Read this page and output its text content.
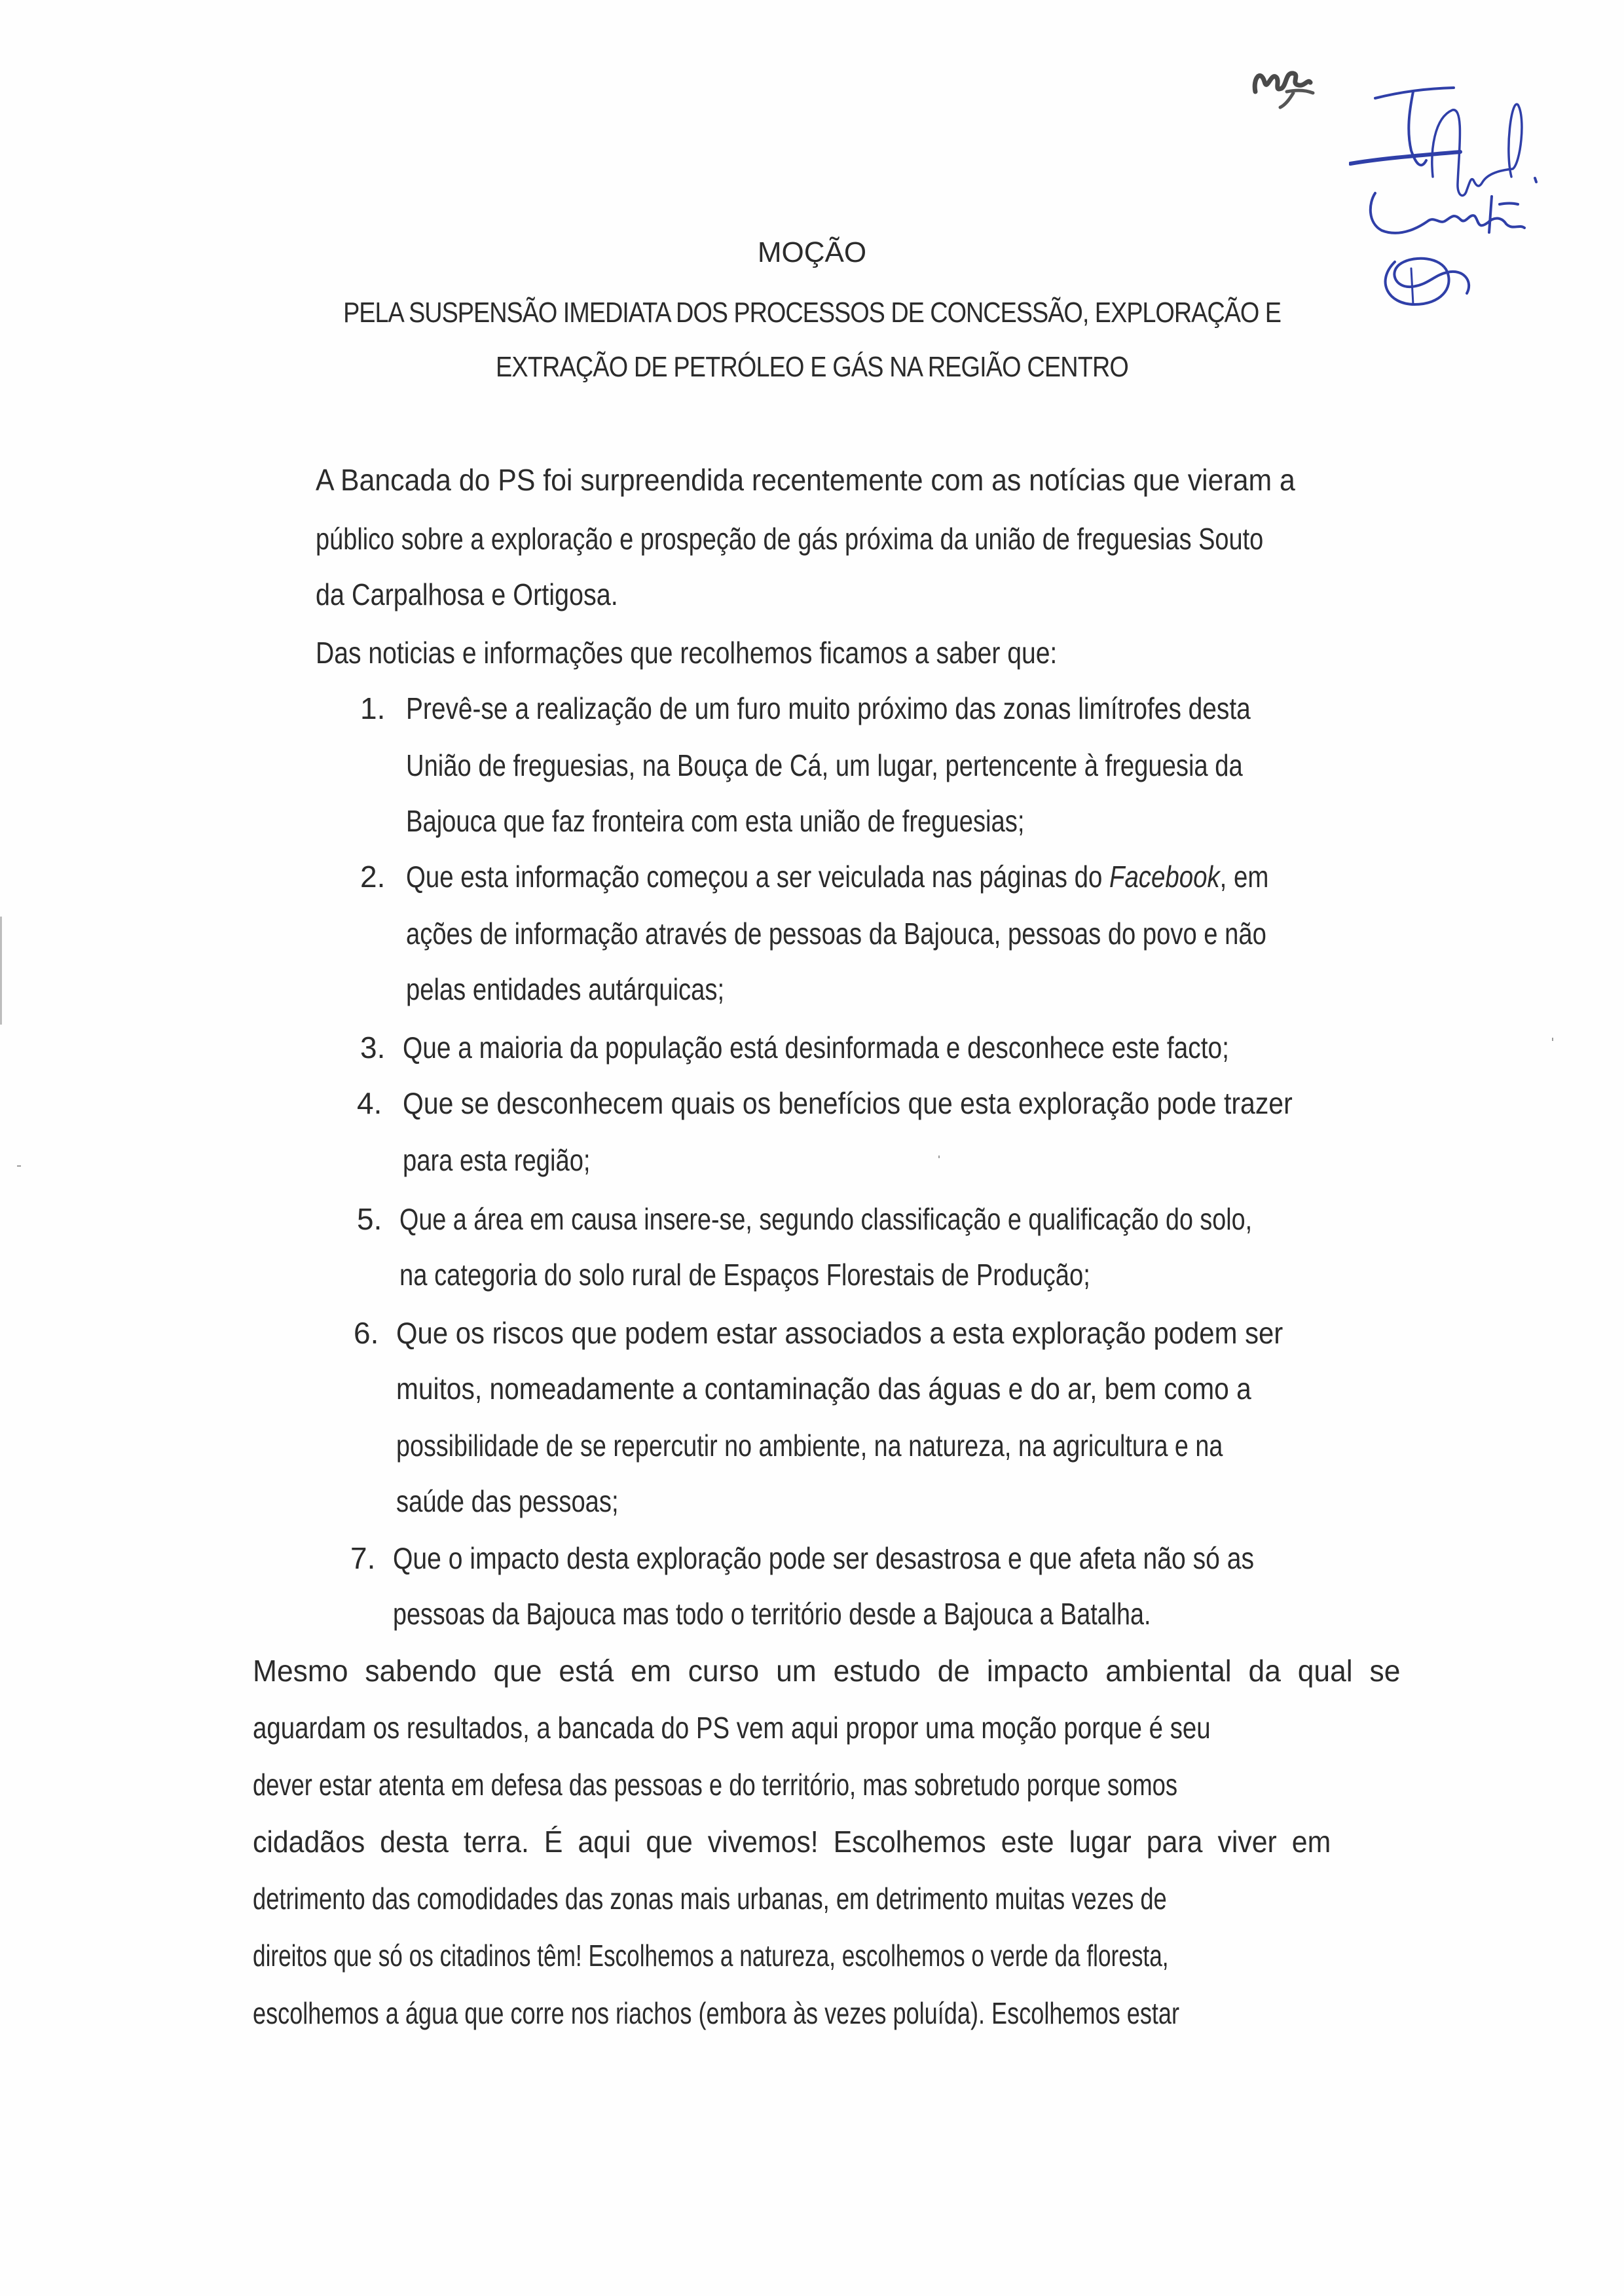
MOÇÃO
PELA SUSPENSÃO IMEDIATA DOS PROCESSOS DE CONCESSÃO, EXPLORAÇÃO E
EXTRAÇÃO DE PETRÓLEO E GÁS NA REGIÃO CENTRO
A Bancada do PS foi surpreendida recentemente com as notícias que vieram a
público sobre a exploração e prospeção de gás próxima da união de freguesias Souto
da Carpalhosa e Ortigosa.
Das noticias e informações que recolhemos ficamos a saber que:
1. Prevê-se a realização de um furo muito próximo das zonas limítrofes desta
União de freguesias, na Bouça de Cá, um lugar, pertencente à freguesia da
Bajouca que faz fronteira com esta união de freguesias;
2. Que esta informação começou a ser veiculada nas páginas do Facebook, em
ações de informação através de pessoas da Bajouca, pessoas do povo e não
pelas entidades autárquicas;
3. Que a maioria da população está desinformada e desconhece este facto;
4. Que se desconhecem quais os benefícios que esta exploração pode trazer
para esta região;
5. Que a área em causa insere-se, segundo classificação e qualificação do solo,
na categoria do solo rural de Espaços Florestais de Produção;
6. Que os riscos que podem estar associados a esta exploração podem ser
muitos, nomeadamente a contaminação das águas e do ar, bem como a
possibilidade de se repercutir no ambiente, na natureza, na agricultura e na
saúde das pessoas;
7. Que o impacto desta exploração pode ser desastrosa e que afeta não só as
pessoas da Bajouca mas todo o território desde a Bajouca a Batalha.
Mesmo sabendo que está em curso um estudo de impacto ambiental da qual se
aguardam os resultados, a bancada do PS vem aqui propor uma moção porque é seu
dever estar atenta em defesa das pessoas e do território, mas sobretudo porque somos
cidadãos desta terra. É aqui que vivemos! Escolhemos este lugar para viver em
detrimento das comodidades das zonas mais urbanas, em detrimento muitas vezes de
direitos que só os citadinos têm! Escolhemos a natureza, escolhemos o verde da floresta,
escolhemos a água que corre nos riachos (embora às vezes poluída). Escolhemos estar
